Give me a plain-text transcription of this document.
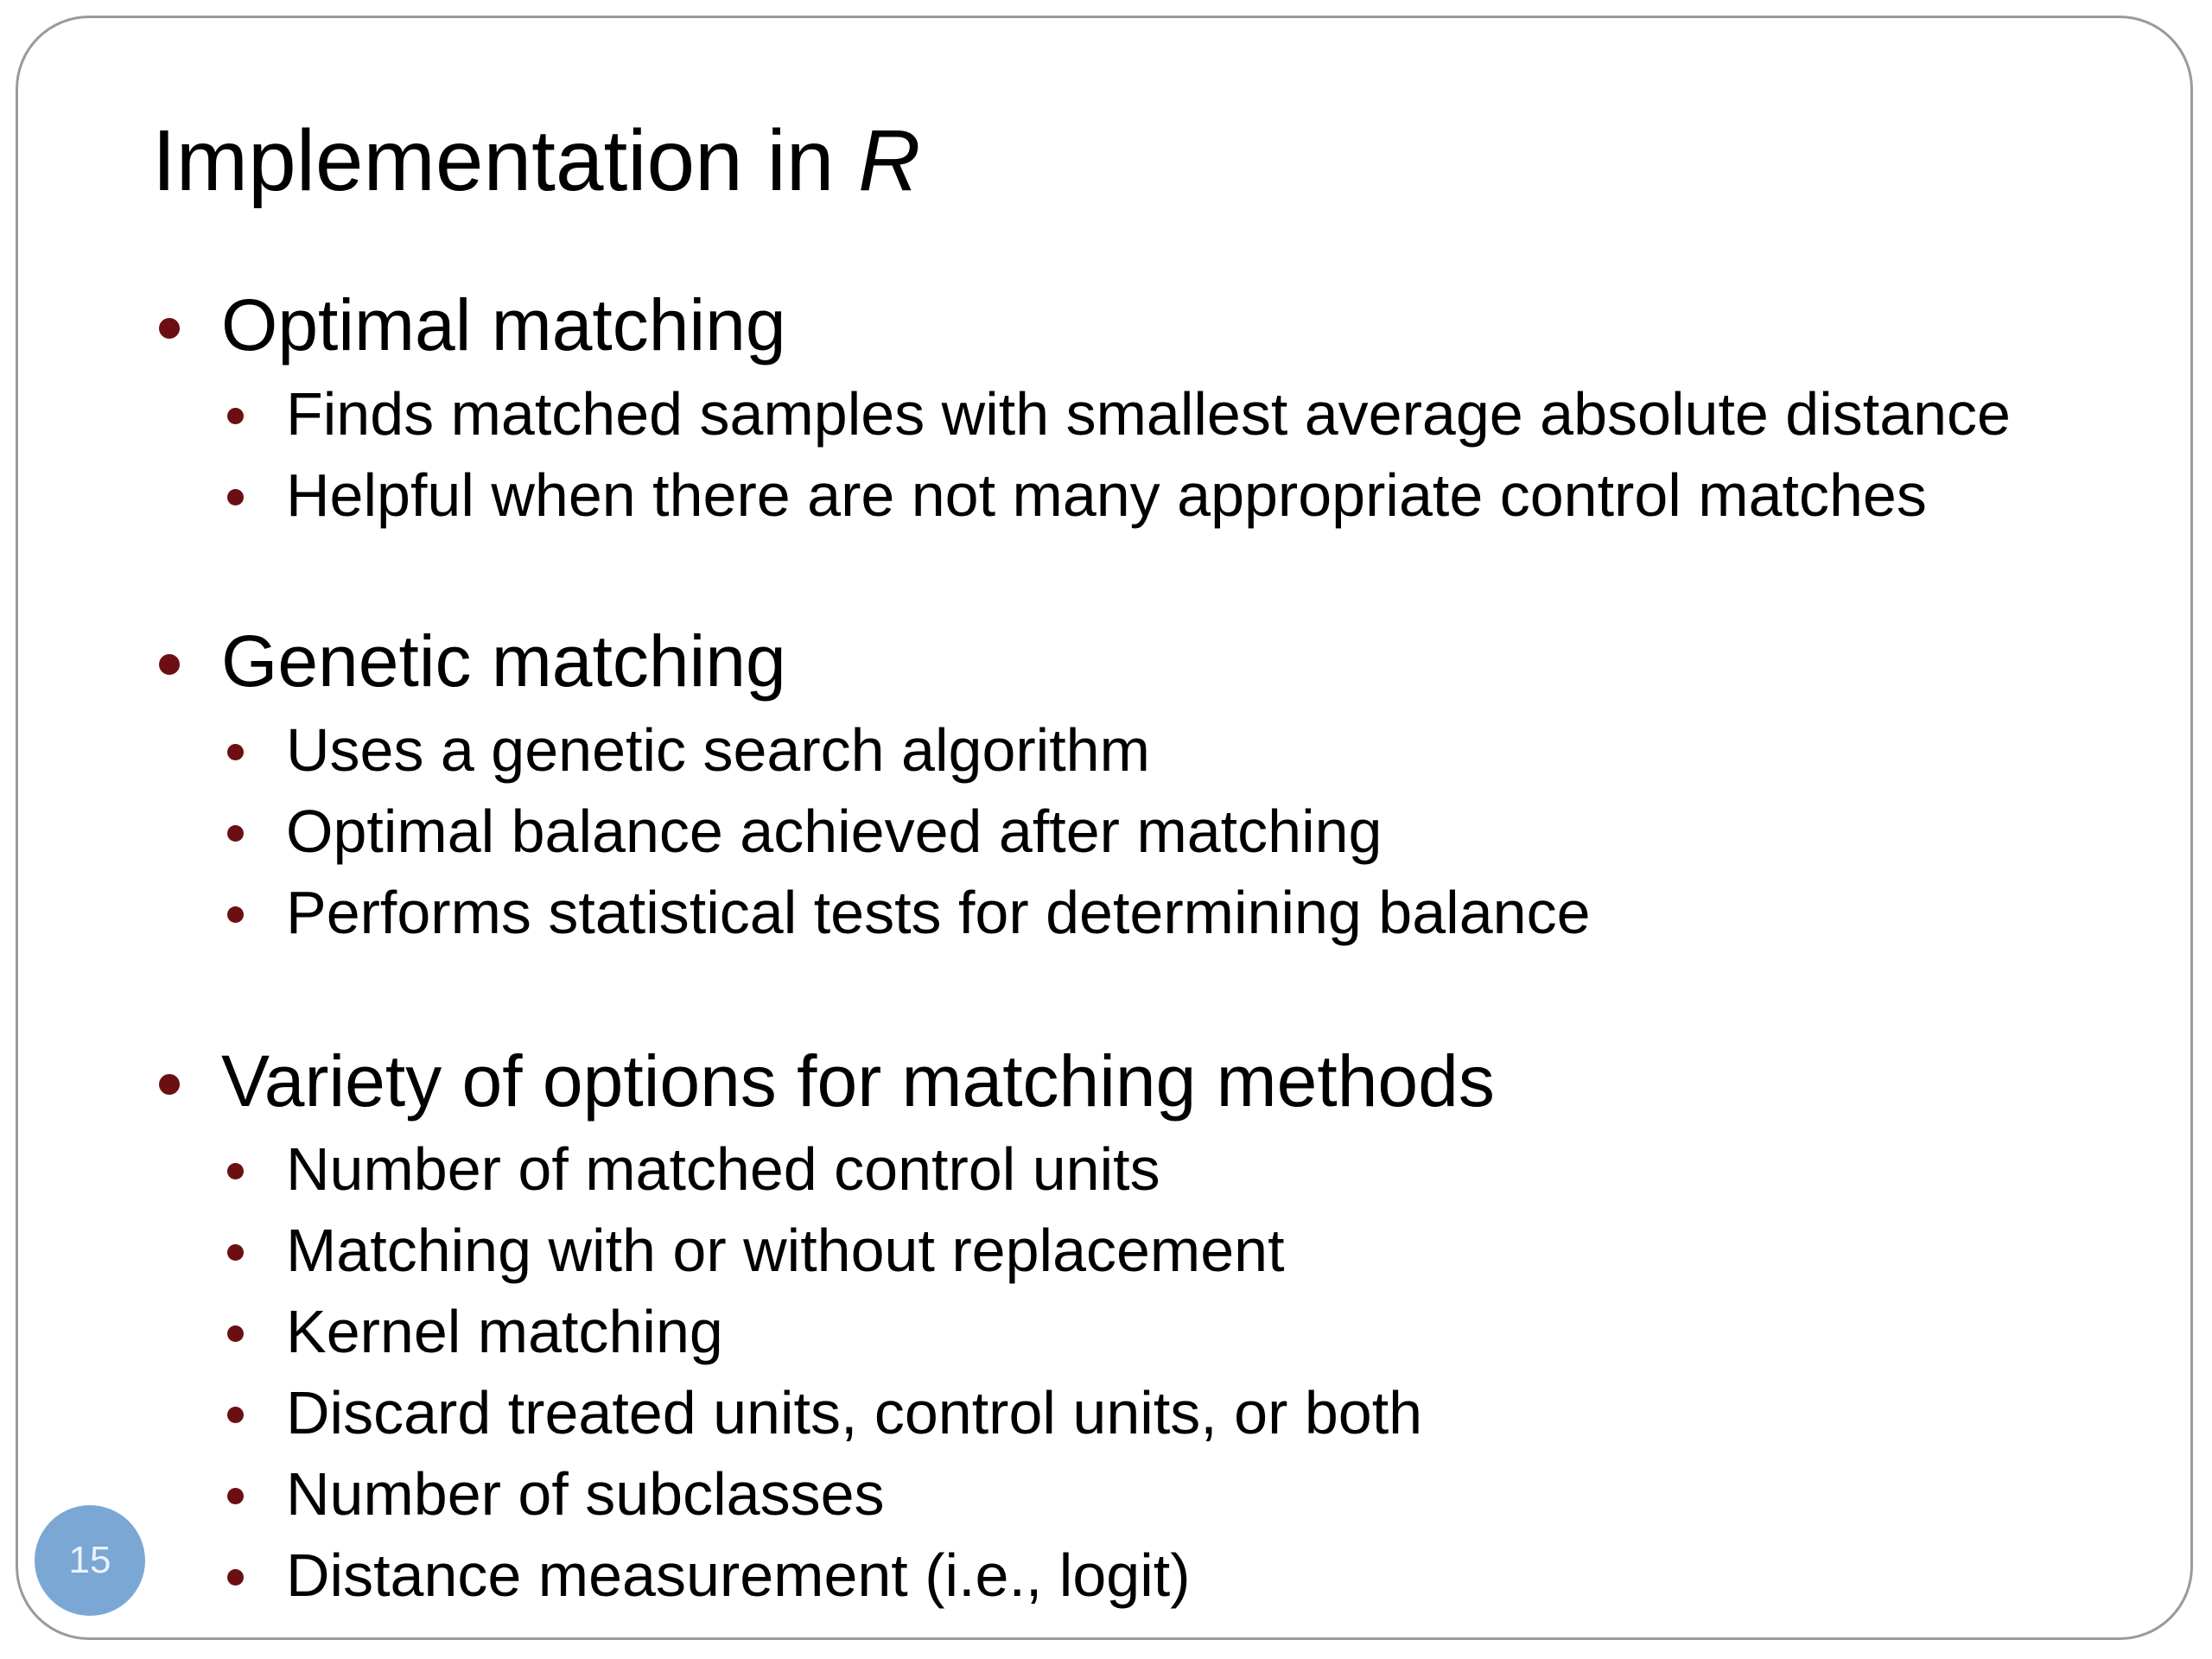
Implementation in R
Optimal matching
Finds matched samples with smallest average absolute distance
Helpful when there are not many appropriate control matches
Genetic matching
Uses a genetic search algorithm
Optimal balance achieved after matching
Performs statistical tests for determining balance
Variety of options for matching methods
Number of matched control units
Matching with or without replacement
Kernel matching
Discard treated units, control units, or both
Number of subclasses
Distance measurement (i.e., logit)
15
